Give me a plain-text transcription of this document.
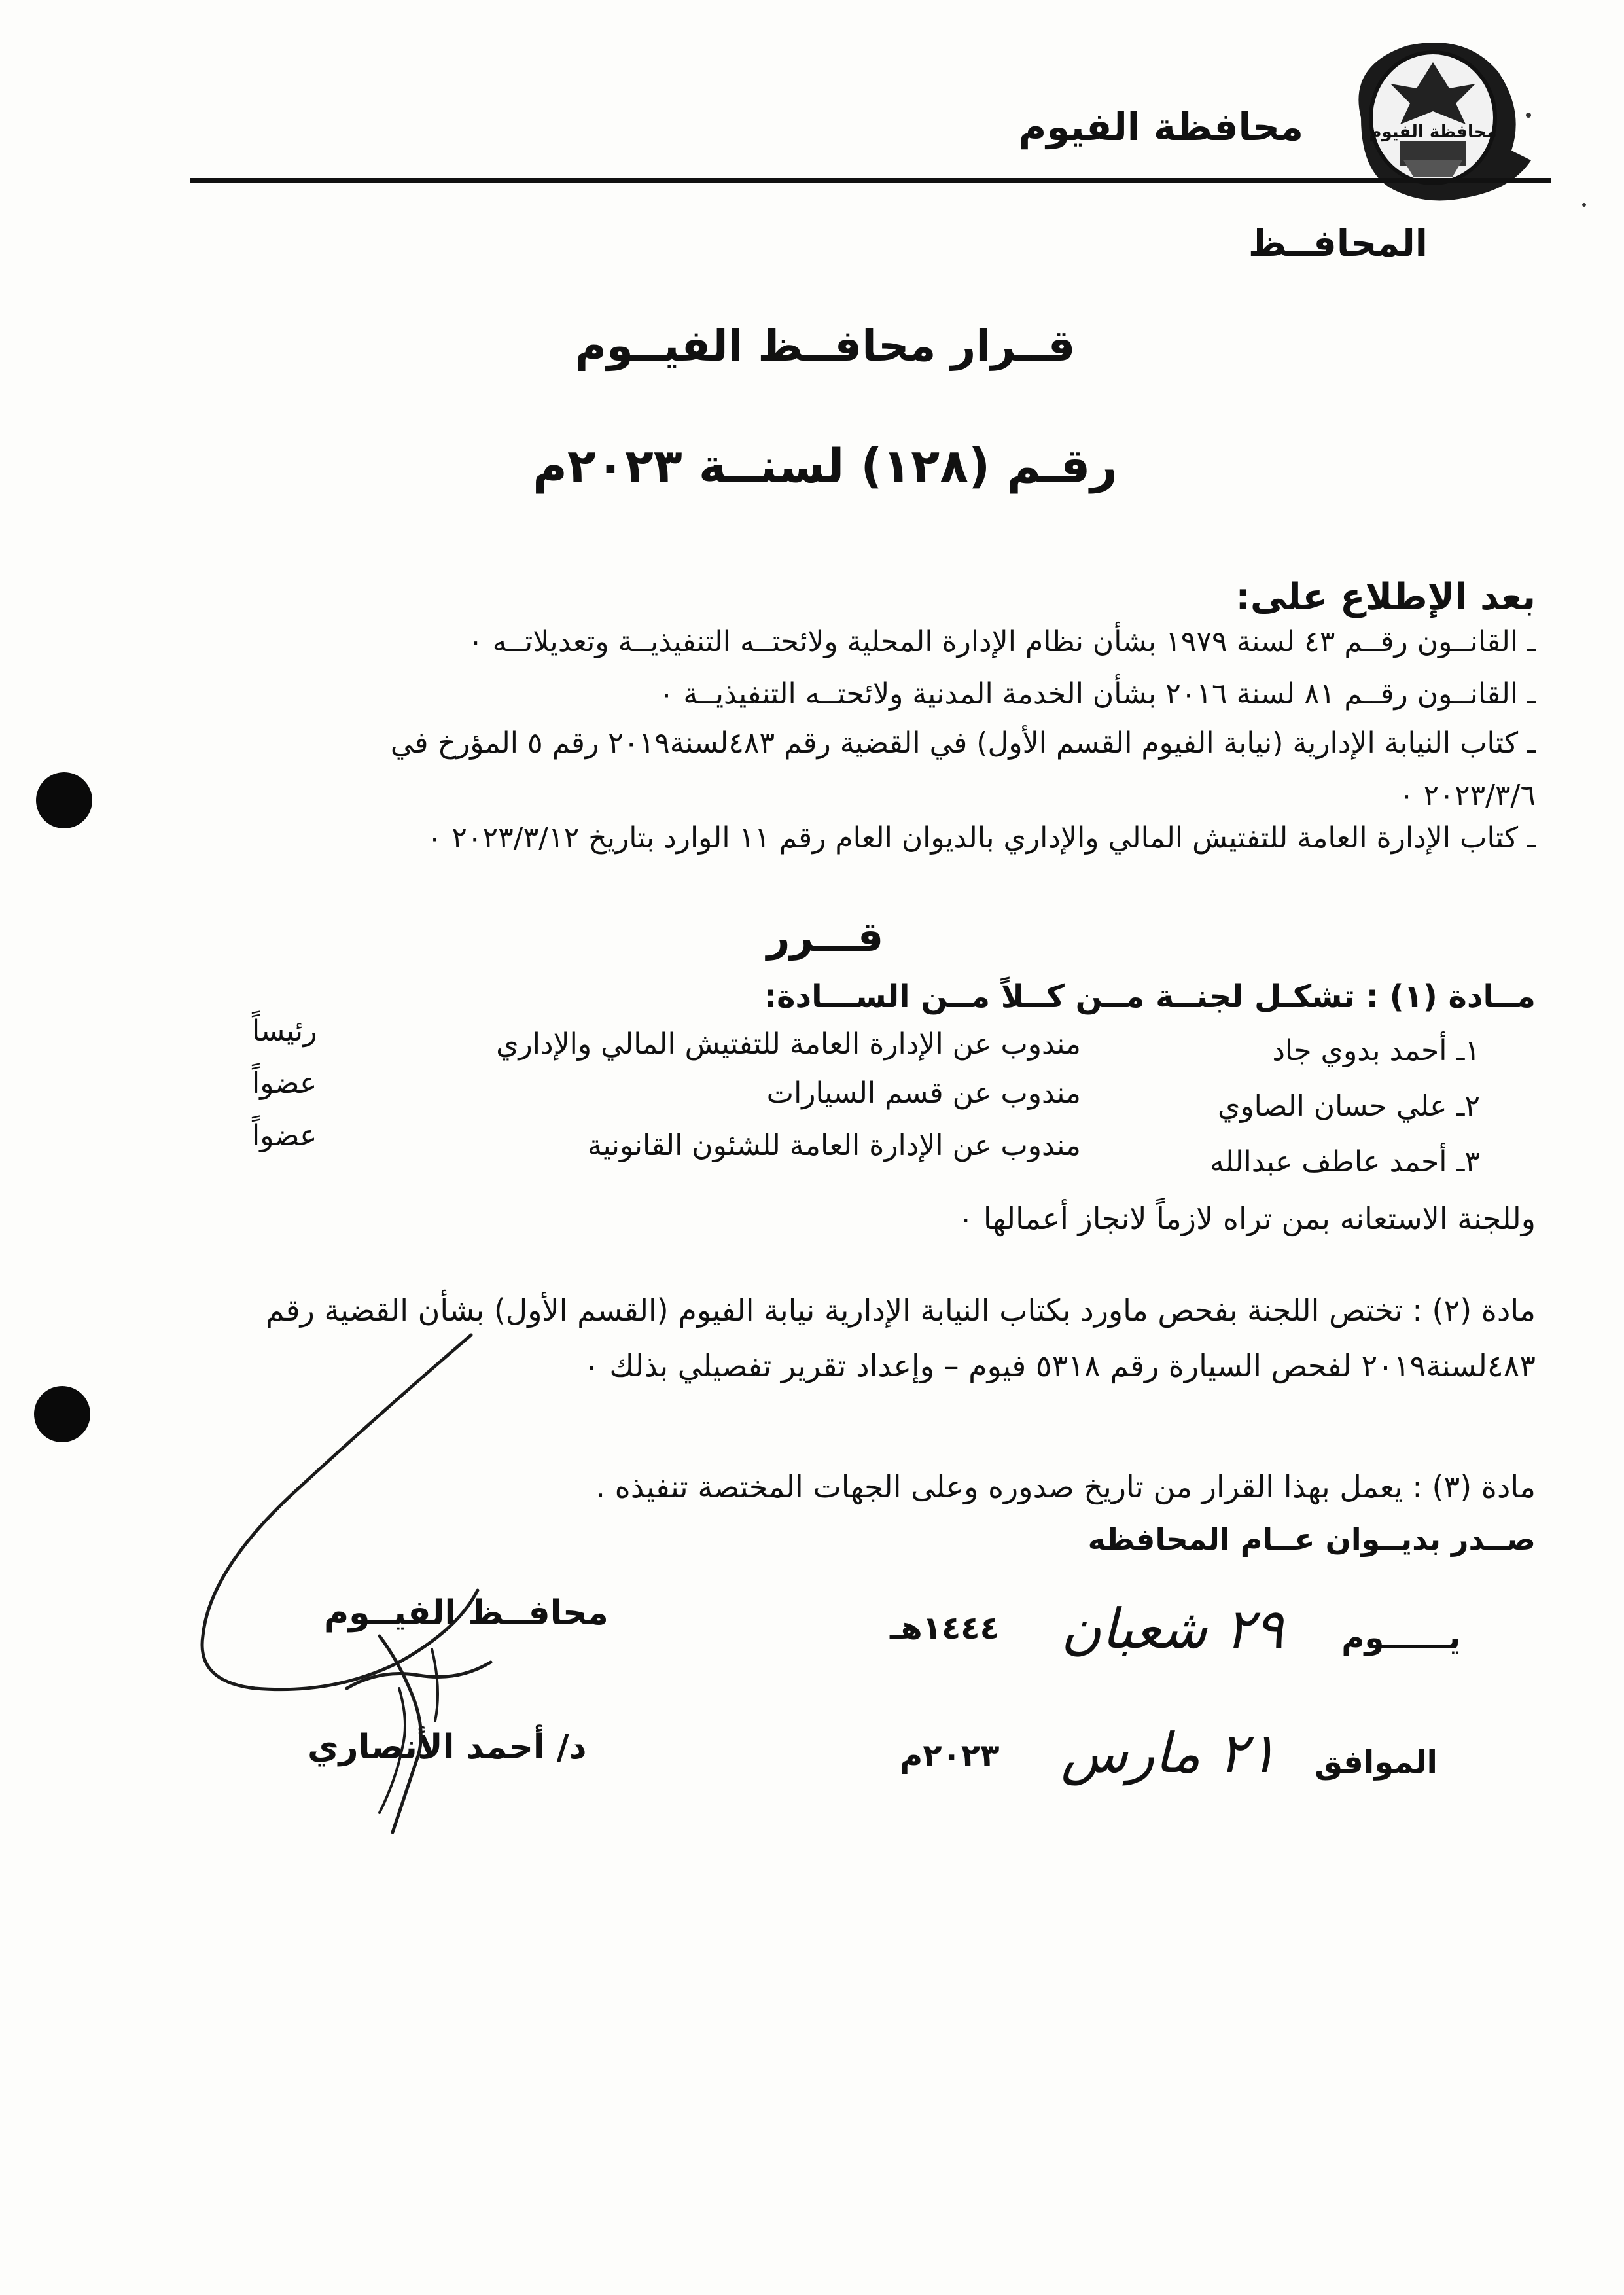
محافظة الفيوم
محافظة الفيوم
المحافــظ
قــرار محافــظ الفيــوم
رقـم (١٢٨) لسنــة ٢٠٢٣م
بعد الإطلاع على:
ـ القانــون رقــم ٤٣ لسنة ١٩٧٩ بشأن نظام الإدارة المحلية ولائحتــه التنفيذيــة وتعديلاتــه ٠
ـ القانــون رقــم ٨١ لسنة ٢٠١٦ بشأن الخدمة المدنية ولائحتــه التنفيذيــة ٠
ـ كتاب النيابة الإدارية (نيابة الفيوم القسم الأول) في القضية رقم ٤٨٣لسنة٢٠١٩ رقم ٥ المؤرخ في
٢٠٢٣/٣/٦ ٠
ـ كتاب الإدارة العامة للتفتيش المالي والإداري بالديوان العام رقم ١١ الوارد بتاريخ ٢٠٢٣/٣/١٢ ٠
قـــرر
مــادة (١) : تشكـل لجنــة مــن كــلاً مــن الســـادة:
١ـ أحمد بدوي جاد
مندوب عن الإدارة العامة للتفتيش المالي والإداري
رئيساً
٢ـ علي حسان الصاوي
مندوب عن قسم السيارات
عضواً
٣ـ أحمد عاطف عبدالله
مندوب عن الإدارة العامة للشئون القانونية
عضواً
وللجنة الاستعانه بمن تراه لازماً لانجاز أعمالها ٠
مادة (٢) : تختص اللجنة بفحص ماورد بكتاب النيابة الإدارية نيابة الفيوم (القسم الأول) بشأن القضية رقم
٤٨٣لسنة٢٠١٩ لفحص السيارة رقم ٥٣١٨ فيوم – وإعداد تقرير تفصيلي بذلك ٠
مادة (٣) : يعمل بهذا القرار من تاريخ صدوره وعلى الجهات المختصة تنفيذه .
صــدر بديــوان عــام المحافظه
يــــــوم
٢٩ شعبان
١٤٤٤هـ
الموافق
٢١ مارس
٢٠٢٣م
محافــظ الفيــوم
د/ أحمد الأنصاري
